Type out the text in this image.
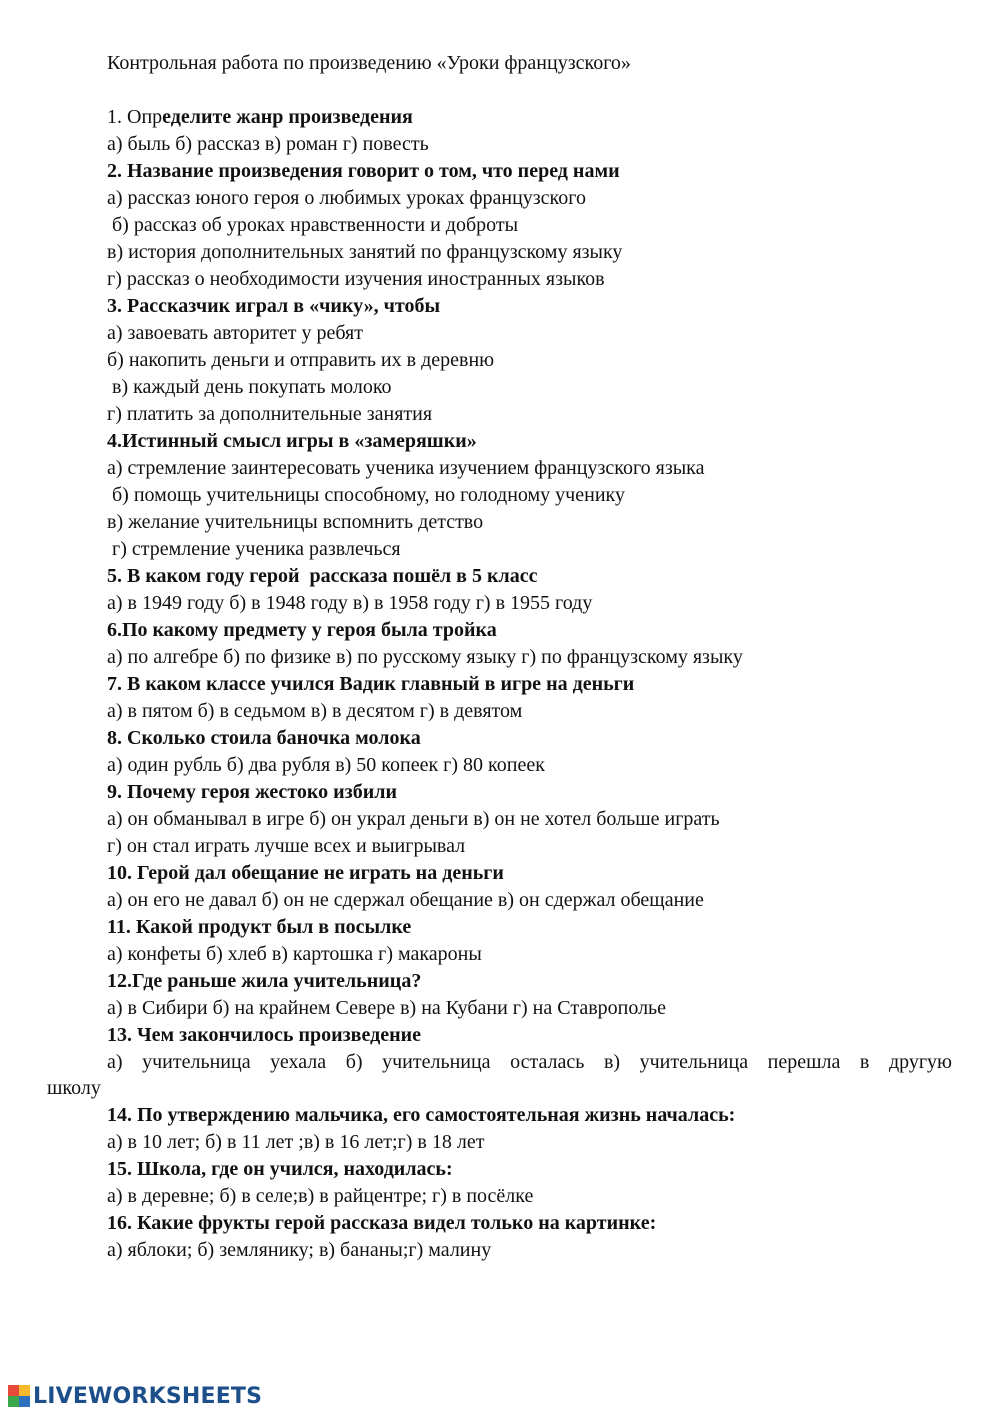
Контрольная работа по произведению «Уроки французского»
1. Определите жанр произведения
а) быль б) рассказ в) роман г) повесть
2. Название произведения говорит о том, что перед нами
а) рассказ юного героя о любимых уроках французского
б) рассказ об уроках нравственности и доброты
в) история дополнительных занятий по французскому языку
г) рассказ о необходимости изучения иностранных языков
3. Рассказчик играл в «чику», чтобы
а) завоевать авторитет у ребят
б) накопить деньги и отправить их в деревню
в) каждый день покупать молоко
г) платить за дополнительные занятия
4.Истинный смысл игры в «замеряшки»
а) стремление заинтересовать ученика изучением французского языка
б) помощь учительницы способному, но голодному ученику
в) желание учительницы вспомнить детство
г) стремление ученика развлечься
5. В каком году герой  рассказа пошёл в 5 класс
а) в 1949 году б) в 1948 году в) в 1958 году г) в 1955 году
6.По какому предмету у героя была тройка
а) по алгебре б) по физике в) по русскому языку г) по французскому языку
7. В каком классе учился Вадик главный в игре на деньги
а) в пятом б) в седьмом в) в десятом г) в девятом
8. Сколько стоила баночка молока
а) один рубль б) два рубля в) 50 копеек г) 80 копеек
9. Почему героя жестоко избили
а) он обманывал в игре б) он украл деньги в) он не хотел больше играть
г) он стал играть лучше всех и выигрывал
10. Герой дал обещание не играть на деньги
а) он его не давал б) он не сдержал обещание в) он сдержал обещание
11. Какой продукт был в посылке
а) конфеты б) хлеб в) картошка г) макароны
12.Где раньше жила учительница?
а) в Сибири б) на крайнем Севере в) на Кубани г) на Ставрополье
13. Чем закончилось произведение
а) учительница уехала б) учительница осталась в) учительница перешла в другую
школу
14. По утверждению мальчика, его самостоятельная жизнь началась:
а) в 10 лет; б) в 11 лет ;в) в 16 лет;г) в 18 лет
15. Школа, где он учился, находилась:
а) в деревне; б) в селе;в) в райцентре; г) в посёлке
16. Какие фрукты герой рассказа видел только на картинке:
а) яблоки; б) землянику; в) бананы;г) малину
LIVEWORKSHEETS
